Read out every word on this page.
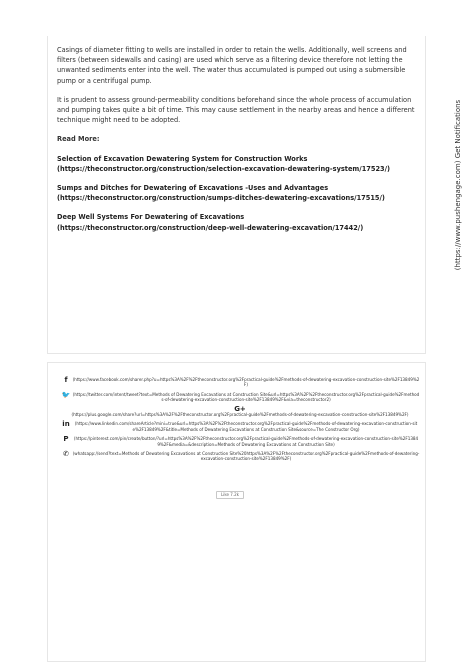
Casings of diameter fitting to wells are installed in order to retain the wells. Additionally, well screens and filters (between sidewalls and casing) are used which serve as a filtering device therefore not letting the unwanted sediments enter into the well. The water thus accumulated is pumped out using a submersible pump or a centrifugal pump.

It is prudent to assess ground-permeability conditions beforehand since the whole process of accumulation and pumping takes quite a bit of time. This may cause settlement in the nearby areas and hence a different technique might need to be adopted.

Read More:
Selection of Excavation Dewatering System for Construction Works
(https://theconstructor.org/construction/selection-excavation-dewatering-system/17523/)
Sumps and Ditches for Dewatering of Excavations -Uses and Advantages
(https://theconstructor.org/construction/sumps-ditches-dewatering-excavations/17515/)
Deep Well Systems For Dewatering of Excavations (https://theconstructor.org/construction/deep-well-dewatering-excavation/17442/)
f	(https://www.facebook.com/sharer.php?u=https%3A%2F%2Ftheconstructor.org%2Fpractical-guide%2Fmethods-of-dewatering-excavation-construction-site%2F13849%2F)
🐦 (https://twitter.com/intent/tweet?text=Methods of Dewatering Excavations at Construction Site&url=https%3A%2F%2Ftheconstructor.org%2Fpractical-guide%2Fmethods-of-dewatering-excavation-construction-site%2F13849%2F&via=theconstructor2)
G+
(https://plus.google.com/share?url=https%3A%2F%2Ftheconstructor.org%2Fpractical-guide%2Fmethods-of-dewatering-excavation-construction-site%2F13849%2F)
in	(https://www.linkedin.com/shareArticle?mini=true&url=https%3A%2F%2Ftheconstructor.org%2Fpractical-guide%2Fmethods-of-dewatering-excavation-construction-site%2F13849%2F&title=Methods of Dewatering Excavations at Construction Site&source=The Constructor Org)
P	(https://pinterest.com/pin/create/button/?url=https%3A%2F%2Ftheconstructor.org%2Fpractical-guide%2Fmethods-of-dewatering-excavation-construction-site%2F13849%2F&media=&description=Methods of Dewatering Excavations at Construction Site)
✆ (whatsapp://send?text=Methods of Dewatering Excavations at Construction Site%20https%3A%2F%2Ftheconstructor.org%2Fpractical-guide%2Fmethods-of-dewatering-excavation-construction-site%2F13849%2F)
Like 7.2k
(https://www.pushengage.com) Get Notifications
